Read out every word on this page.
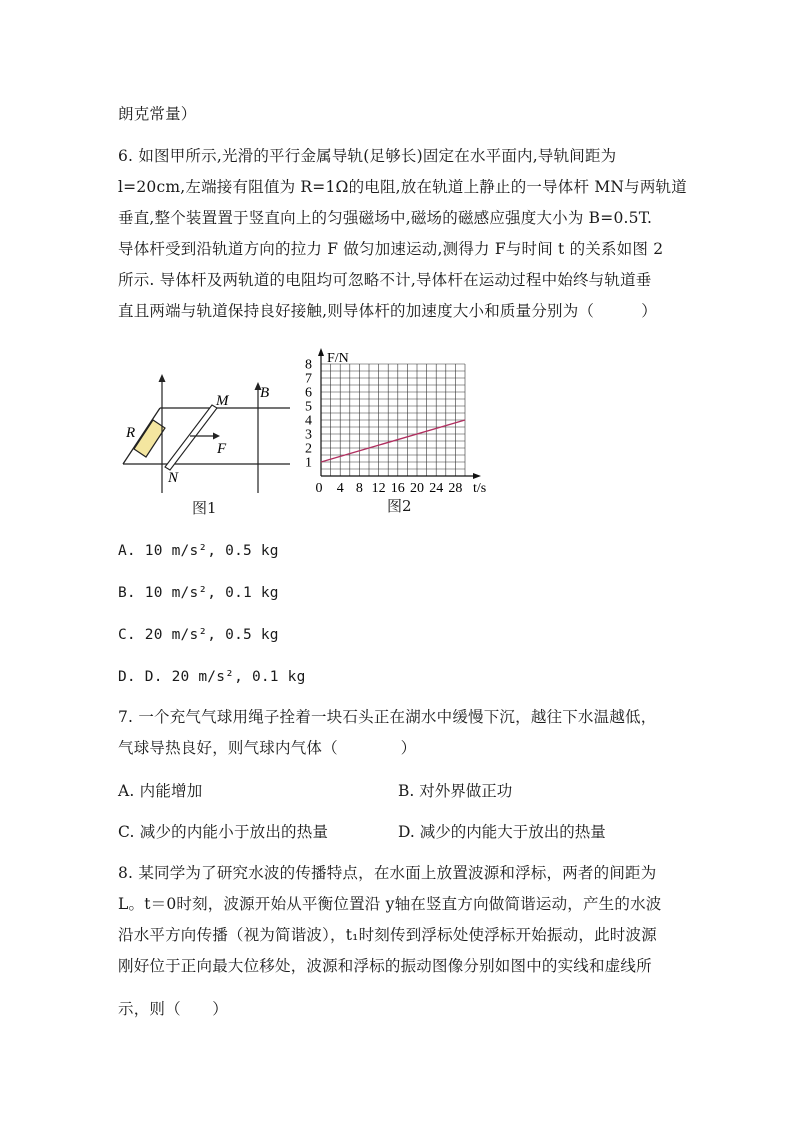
朗克常量）
6. 如图甲所示,光滑的平行金属导轨(足够长)固定在水平面内,导轨间距为
l=20cm,左端接有阻值为 R=1Ω的电阻,放在轨道上静止的一导体杆 MN与两轨道
垂直,整个装置置于竖直向上的匀强磁场中,磁场的磁感应强度大小为 B=0.5T.
导体杆受到沿轨道方向的拉力 F 做匀加速运动,测得力 F与时间 t 的关系如图 2
所示. 导体杆及两轨道的电阻均可忽略不计,导体杆在运动过程中始终与轨道垂
直且两端与轨道保持良好接触,则导体杆的加速度大小和质量分别为（　　　）
R
M
N
F
B
图1
1
2
3
4
5
6
7
8
0 4 8 12 16 20 24 28
F/N
t/s
图2
A. 10 m/s², 0.5 kg
B. 10 m/s², 0.1 kg
C. 20 m/s², 0.5 kg
D. D. 20 m/s², 0.1 kg
7. 一个充气气球用绳子拴着一块石头正在湖水中缓慢下沉，越往下水温越低，
气球导热良好，则气球内气体（　　　　）
A. 内能增加	B. 对外界做正功
C. 减少的内能小于放出的热量	D. 减少的内能大于放出的热量
8. 某同学为了研究水波的传播特点，在水面上放置波源和浮标，两者的间距为
L。t＝0时刻，波源开始从平衡位置沿 y轴在竖直方向做简谐运动，产生的水波
沿水平方向传播（视为简谐波），t₁时刻传到浮标处使浮标开始振动，此时波源
刚好位于正向最大位移处，波源和浮标的振动图像分别如图中的实线和虚线所
示，则（　　）
